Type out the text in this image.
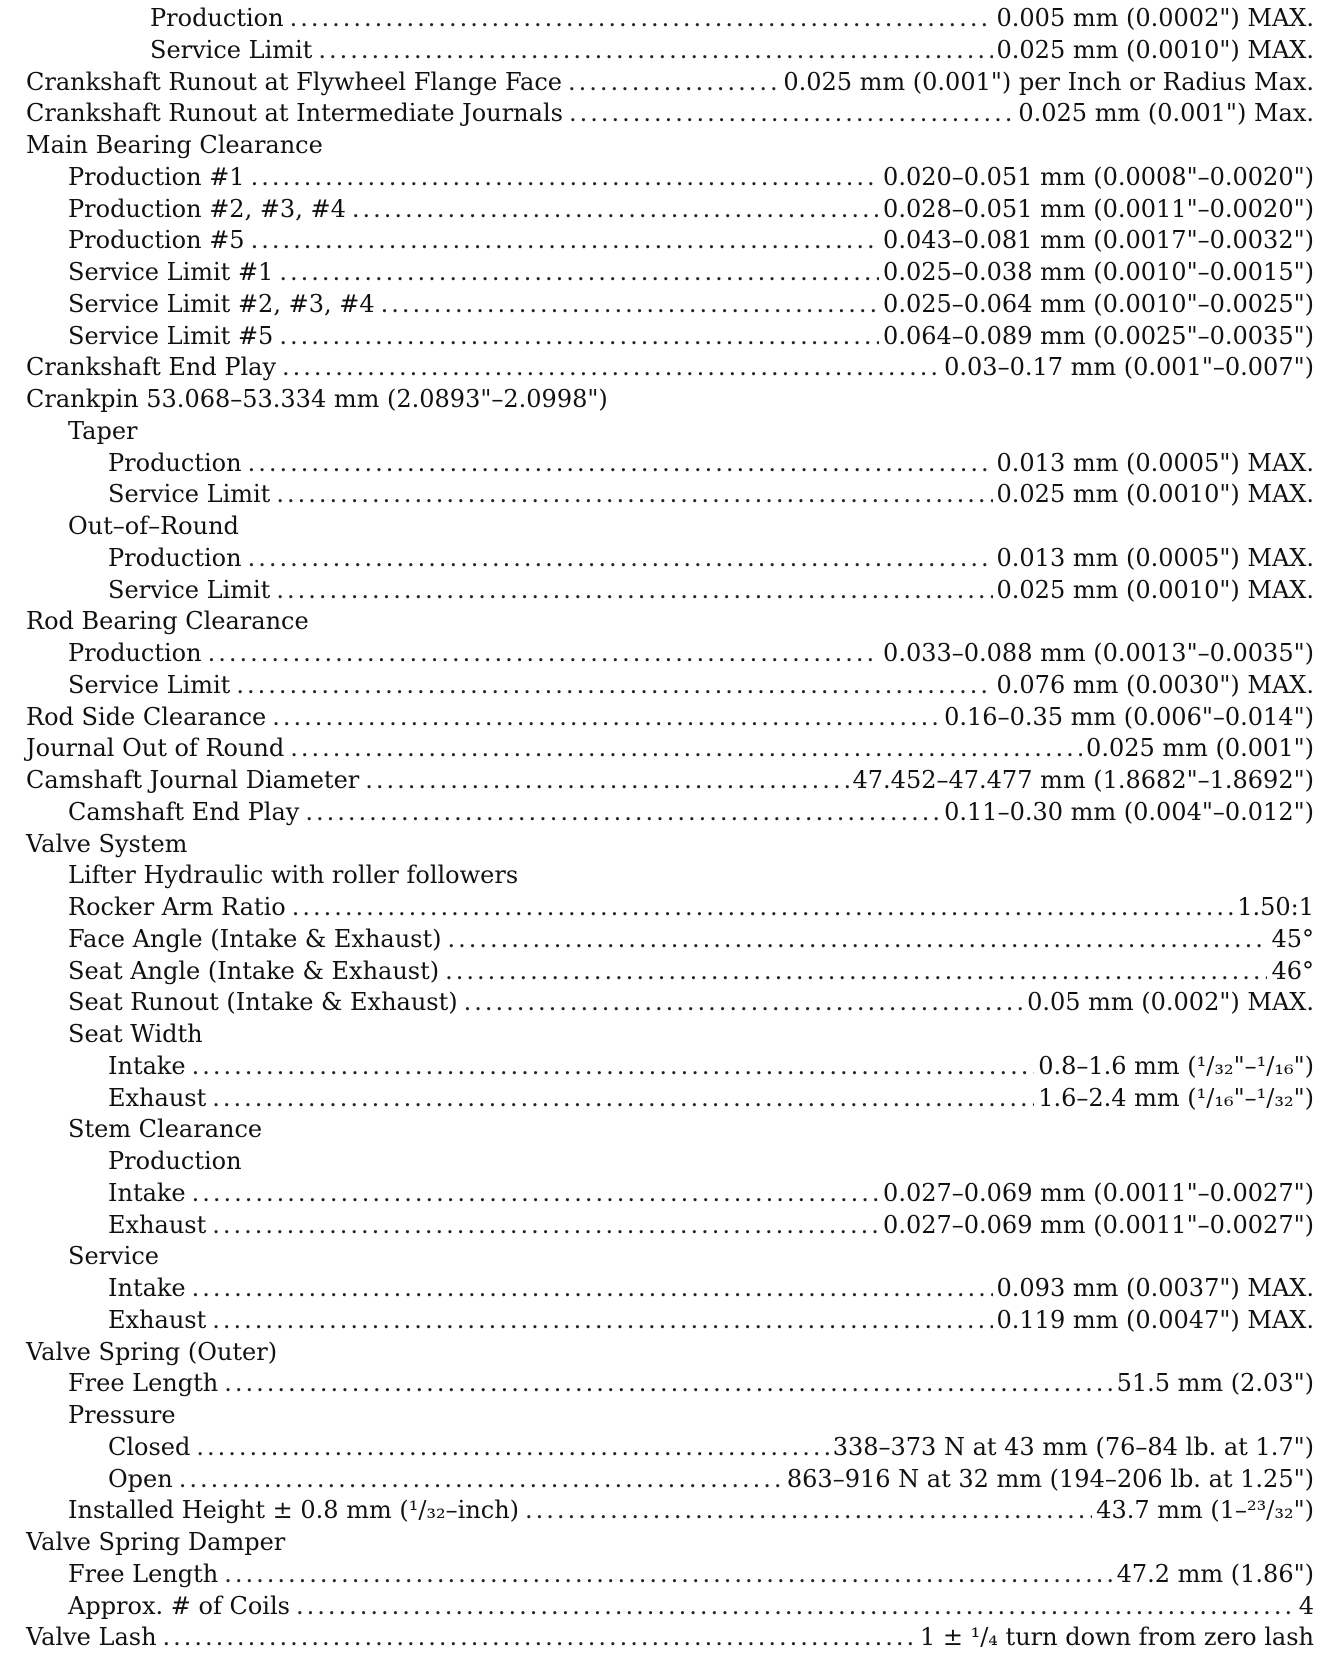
Production .....	0.005 mm (0.0002") MAX.
Service Limit .....	0.025 mm (0.0010") MAX.
Crankshaft Runout at Flywheel Flange Face .....	0.025 mm (0.001") per Inch or Radius Max.
Crankshaft Runout at Intermediate Journals .....	0.025 mm (0.001") Max.
Main Bearing Clearance
Production #1 .....	0.020–0.051 mm (0.0008"–0.0020")
Production #2, #3, #4 .....	0.028–0.051 mm (0.0011"–0.0020")
Production #5 .....	0.043–0.081 mm (0.0017"–0.0032")
Service Limit #1 .....	0.025–0.038 mm (0.0010"–0.0015")
Service Limit #2, #3, #4 .....	0.025–0.064 mm (0.0010"–0.0025")
Service Limit #5 .....	0.064–0.089 mm (0.0025"–0.0035")
Crankshaft End Play .....	0.03–0.17 mm (0.001"–0.007")
Crankpin 53.068–53.334 mm (2.0893"–2.0998")
Taper
Production .....	0.013 mm (0.0005") MAX.
Service Limit .....	0.025 mm (0.0010") MAX.
Out–of–Round
Production .....	0.013 mm (0.0005") MAX.
Service Limit .....	0.025 mm (0.0010") MAX.
Rod Bearing Clearance
Production .....	0.033–0.088 mm (0.0013"–0.0035")
Service Limit .....	0.076 mm (0.0030") MAX.
Rod Side Clearance .....	0.16–0.35 mm (0.006"–0.014")
Journal Out of Round .....	0.025 mm (0.001")
Camshaft Journal Diameter .....	47.452–47.477 mm (1.8682"–1.8692")
Camshaft End Play .....	0.11–0.30 mm (0.004"–0.012")
Valve System
Lifter Hydraulic with roller followers
Rocker Arm Ratio .....	1.50:1
Face Angle (Intake & Exhaust) .....	45°
Seat Angle (Intake & Exhaust) .....	46°
Seat Runout (Intake & Exhaust) .....	0.05 mm (0.002") MAX.
Seat Width
Intake .....	0.8–1.6 mm (¹/₃₂"–¹/₁₆")
Exhaust .....	1.6–2.4 mm (¹/₁₆"–¹/₃₂")
Stem Clearance
Production
Intake .....	0.027–0.069 mm (0.0011"–0.0027")
Exhaust .....	0.027–0.069 mm (0.0011"–0.0027")
Service
Intake .....	0.093 mm (0.0037") MAX.
Exhaust .....	0.119 mm (0.0047") MAX.
Valve Spring (Outer)
Free Length .....	51.5 mm (2.03")
Pressure
Closed .....	338–373 N at 43 mm (76–84 lb. at 1.7")
Open .....	863–916 N at 32 mm (194–206 lb. at 1.25")
Installed Height ± 0.8 mm (¹/₃₂–inch) .....	43.7 mm (1–²³/₃₂")
Valve Spring Damper
Free Length .....	47.2 mm (1.86")
Approx. # of Coils .....	4
Valve Lash .....	1 ± ¹/₄ turn down from zero lash
